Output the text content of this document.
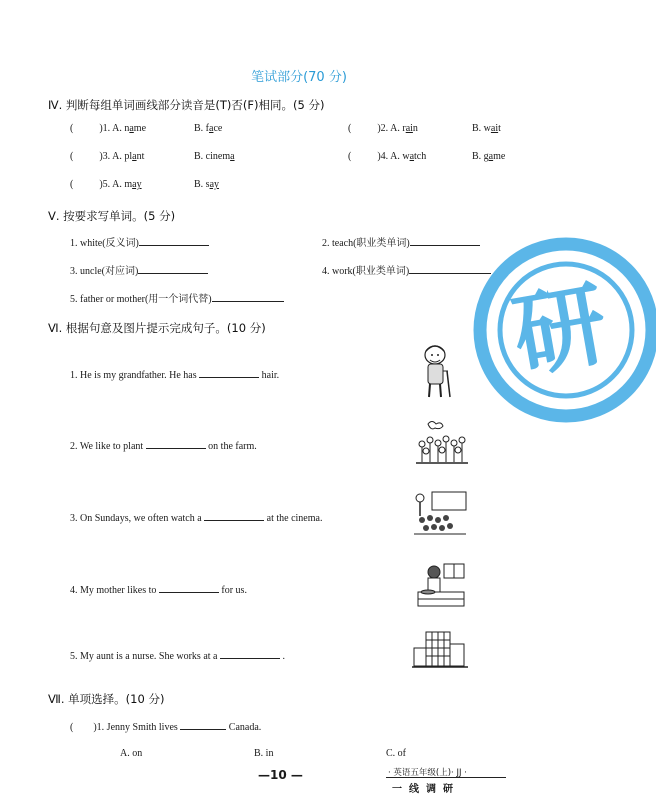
笔试部分(70 分)
Ⅳ. 判断每组单词画线部分读音是(T)否(F)相同。(5 分)
(	)1. A. name	B. face	(	)2. A. rain	B. wait
(	)3. A. plant	B. cinema	(	)4. A. watch	B. game
(	)5. A. may	B. say
Ⅴ. 按要求写单词。(5 分)
1. white(反义词)	2. teach(职业类单词)
3. uncle(对应词)	4. work(职业类单词)
5. father or mother(用一个词代替)
Ⅵ. 根据句意及图片提示完成句子。(10 分)
1. He is my grandfather. He has	hair.
2. We like to plant	on the farm.
3. On Sundays, we often watch a	at the cinema.
4. My mother likes to	for us.
5. My aunt is a nurse. She works at a	.
Ⅶ. 单项选择。(10 分)
( )1. Jenny Smith lives	Canada.
A. on	B. in	C. of
研
—10 —	· 英语五年级(上)· JJ ·
一线调研
